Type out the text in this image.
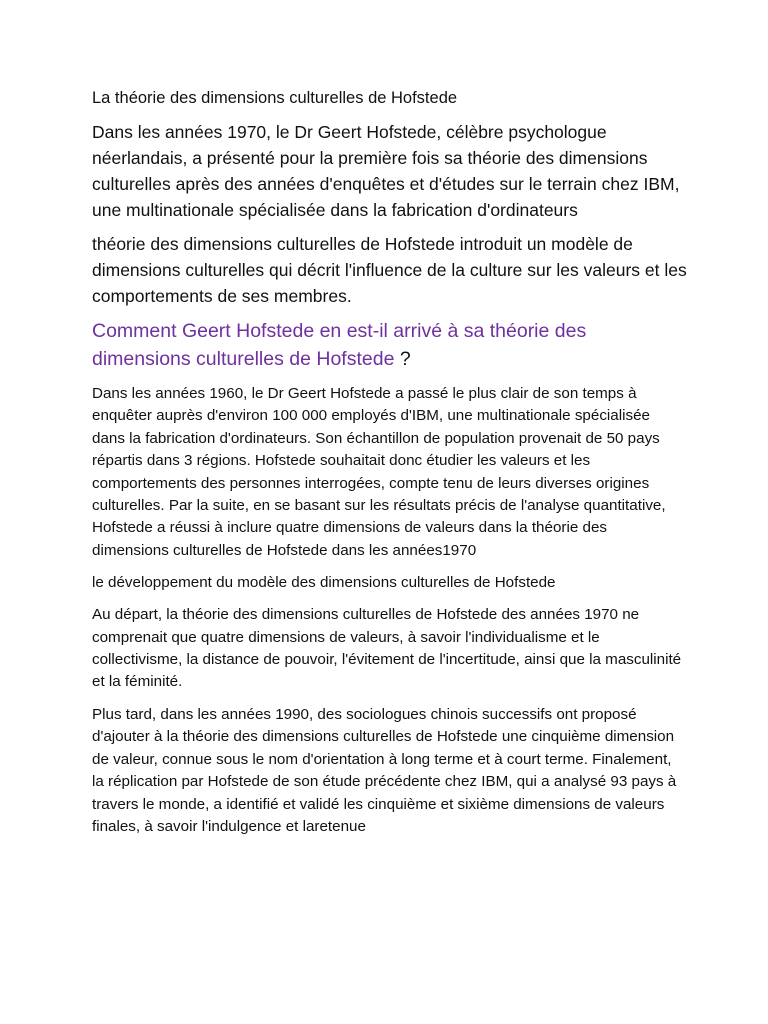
La théorie des dimensions culturelles de Hofstede

Dans les années 1970, le Dr Geert Hofstede, célèbre psychologue néerlandais, a présenté pour la première fois sa théorie des dimensions culturelles après des années d'enquêtes et d'études sur le terrain chez IBM, une multinationale spécialisée dans la fabrication d'ordinateurs

théorie des dimensions culturelles de Hofstede introduit un modèle de dimensions culturelles qui décrit l'influence de la culture sur les valeurs et les comportements de ses membres.

Comment Geert Hofstede en est-il arrivé à sa théorie des dimensions culturelles de Hofstede ?

Dans les années 1960, le Dr Geert Hofstede a passé le plus clair de son temps à enquêter auprès d'environ 100 000 employés d'IBM, une multinationale spécialisée dans la fabrication d'ordinateurs. Son échantillon de population provenait de 50 pays répartis dans 3 régions. Hofstede souhaitait donc étudier les valeurs et les comportements des personnes interrogées, compte tenu de leurs diverses origines culturelles. Par la suite, en se basant sur les résultats précis de l'analyse quantitative, Hofstede a réussi à inclure quatre dimensions de valeurs dans la théorie des dimensions culturelles de Hofstede dans les années1970

le développement du modèle des dimensions culturelles de Hofstede

Au départ, la théorie des dimensions culturelles de Hofstede des années 1970 ne comprenait que quatre dimensions de valeurs, à savoir l'individualisme et le collectivisme, la distance de pouvoir, l'évitement de l'incertitude, ainsi que la masculinité et la féminité.

Plus tard, dans les années 1990, des sociologues chinois successifs ont proposé d'ajouter à la théorie des dimensions culturelles de Hofstede une cinquième dimension de valeur, connue sous le nom d'orientation à long terme et à court terme. Finalement, la réplication par Hofstede de son étude précédente chez IBM, qui a analysé 93 pays à travers le monde, a identifié et validé les cinquième et sixième dimensions de valeurs finales, à savoir l'indulgence et laretenue
